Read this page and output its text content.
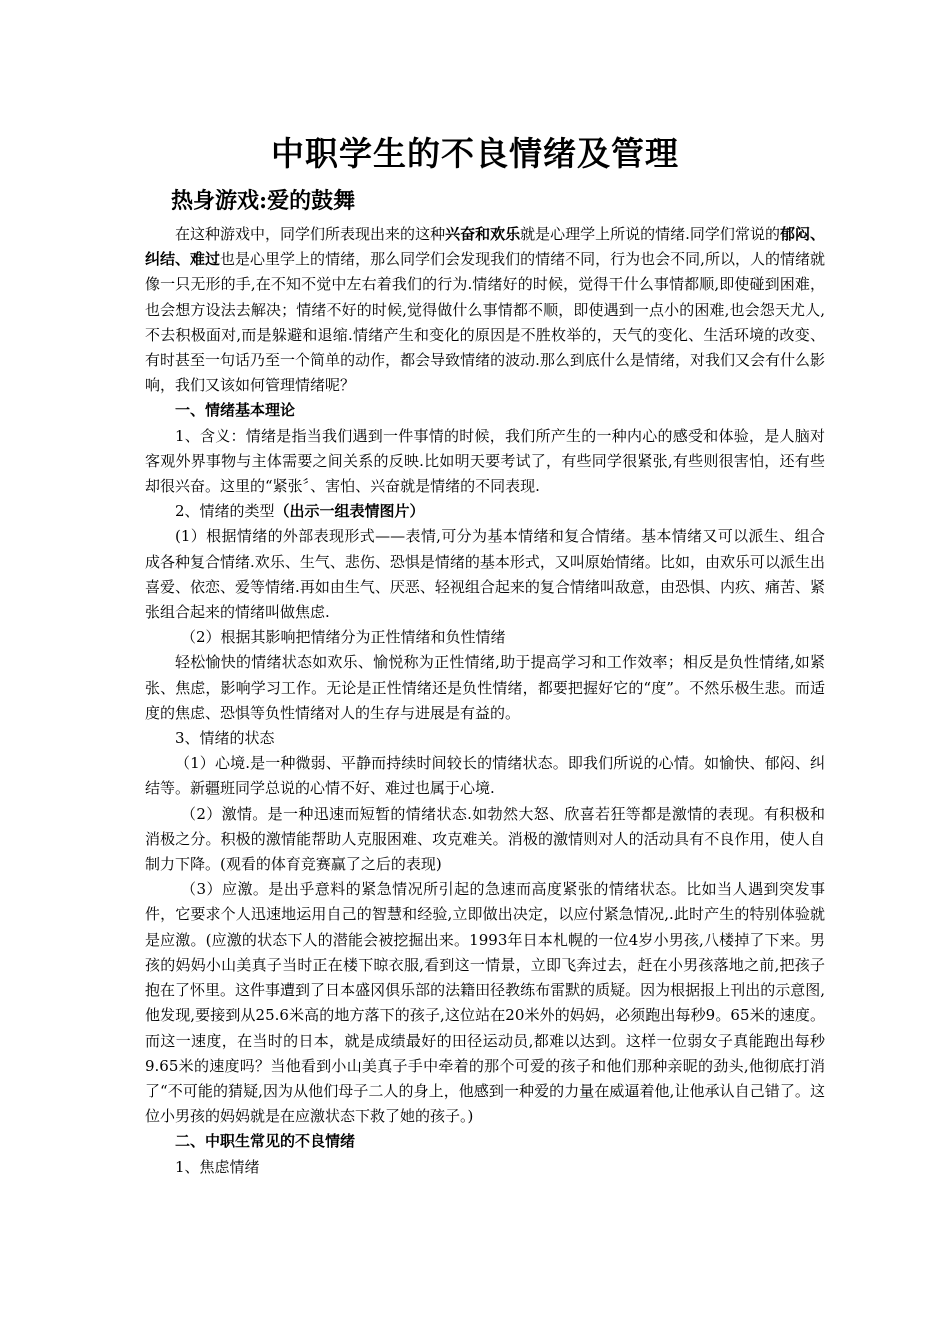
中职学生的不良情绪及管理
热身游戏:爱的鼓舞

在这种游戏中，同学们所表现出来的这种兴奋和欢乐就是心理学上所说的情绪.同学们常说的郁闷、纠结、难过也是心里学上的情绪，那么同学们会发现我们的情绪不同，行为也会不同,所以，人的情绪就像一只无形的手,在不知不觉中左右着我们的行为.情绪好的时候，觉得干什么事情都顺,即使碰到困难，也会想方设法去解决；情绪不好的时候,觉得做什么事情都不顺，即使遇到一点小的困难,也会怨天尤人,不去积极面对,而是躲避和退缩.情绪产生和变化的原因是不胜枚举的，天气的变化、生活环境的改变、有时甚至一句话乃至一个简单的动作，都会导致情绪的波动.那么到底什么是情绪，对我们又会有什么影响，我们又该如何管理情绪呢？

一、情绪基本理论

1、含义：情绪是指当我们遇到一件事情的时候，我们所产生的一种内心的感受和体验，是人脑对客观外界事物与主体需要之间关系的反映.比如明天要考试了，有些同学很紧张,有些则很害怕，还有些却很兴奋。这里的“紧张〞、害怕、兴奋就是情绪的不同表现.

2、情绪的类型（出示一组表情图片）

(1）根据情绪的外部表现形式——表情,可分为基本情绪和复合情绪。基本情绪又可以派生、组合成各种复合情绪.欢乐、生气、悲伤、恐惧是情绪的基本形式，又叫原始情绪。比如，由欢乐可以派生出喜爱、依恋、爱等情绪.再如由生气、厌恶、轻视组合起来的复合情绪叫敌意，由恐惧、内疚、痛苦、紧张组合起来的情绪叫做焦虑.

（2）根据其影响把情绪分为正性情绪和负性情绪

轻松愉快的情绪状态如欢乐、愉悦称为正性情绪,助于提高学习和工作效率；相反是负性情绪,如紧张、焦虑，影响学习工作。无论是正性情绪还是负性情绪，都要把握好它的“度”。不然乐极生悲。而适度的焦虑、恐惧等负性情绪对人的生存与进展是有益的。

3、情绪的状态

（1）心境.是一种微弱、平静而持续时间较长的情绪状态。即我们所说的心情。如愉快、郁闷、纠结等。新疆班同学总说的心情不好、难过也属于心境.

（2）激情。是一种迅速而短暂的情绪状态.如勃然大怒、欣喜若狂等都是激情的表现。有积极和消极之分。积极的激情能帮助人克服困难、攻克难关。消极的激情则对人的活动具有不良作用，使人自制力下降。(观看的体育竞赛赢了之后的表现)

（3）应激。是出乎意料的紧急情况所引起的急速而高度紧张的情绪状态。比如当人遇到突发事件，它要求个人迅速地运用自己的智慧和经验,立即做出决定，以应付紧急情况,.此时产生的特别体验就是应激。(应激的状态下人的潜能会被挖掘出来。1993年日本札幌的一位4岁小男孩,八楼掉了下来。男孩的妈妈小山美真子当时正在楼下晾衣服,看到这一情景，立即飞奔过去，赶在小男孩落地之前,把孩子抱在了怀里。这件事遭到了日本盛冈俱乐部的法籍田径教练布雷默的质疑。因为根据报上刊出的示意图,他发现,要接到从25.6米高的地方落下的孩子,这位站在20米外的妈妈，必须跑出每秒9。65米的速度。而这一速度，在当时的日本，就是成绩最好的田径运动员,都难以达到。这样一位弱女子真能跑出每秒9.65米的速度吗？当他看到小山美真子手中牵着的那个可爱的孩子和他们那种亲昵的劲头,他彻底打消了“不可能的猜疑,因为从他们母子二人的身上，他感到一种爱的力量在威逼着他,让他承认自己错了。这位小男孩的妈妈就是在应激状态下救了她的孩子。)

二、中职生常见的不良情绪

1、焦虑情绪
